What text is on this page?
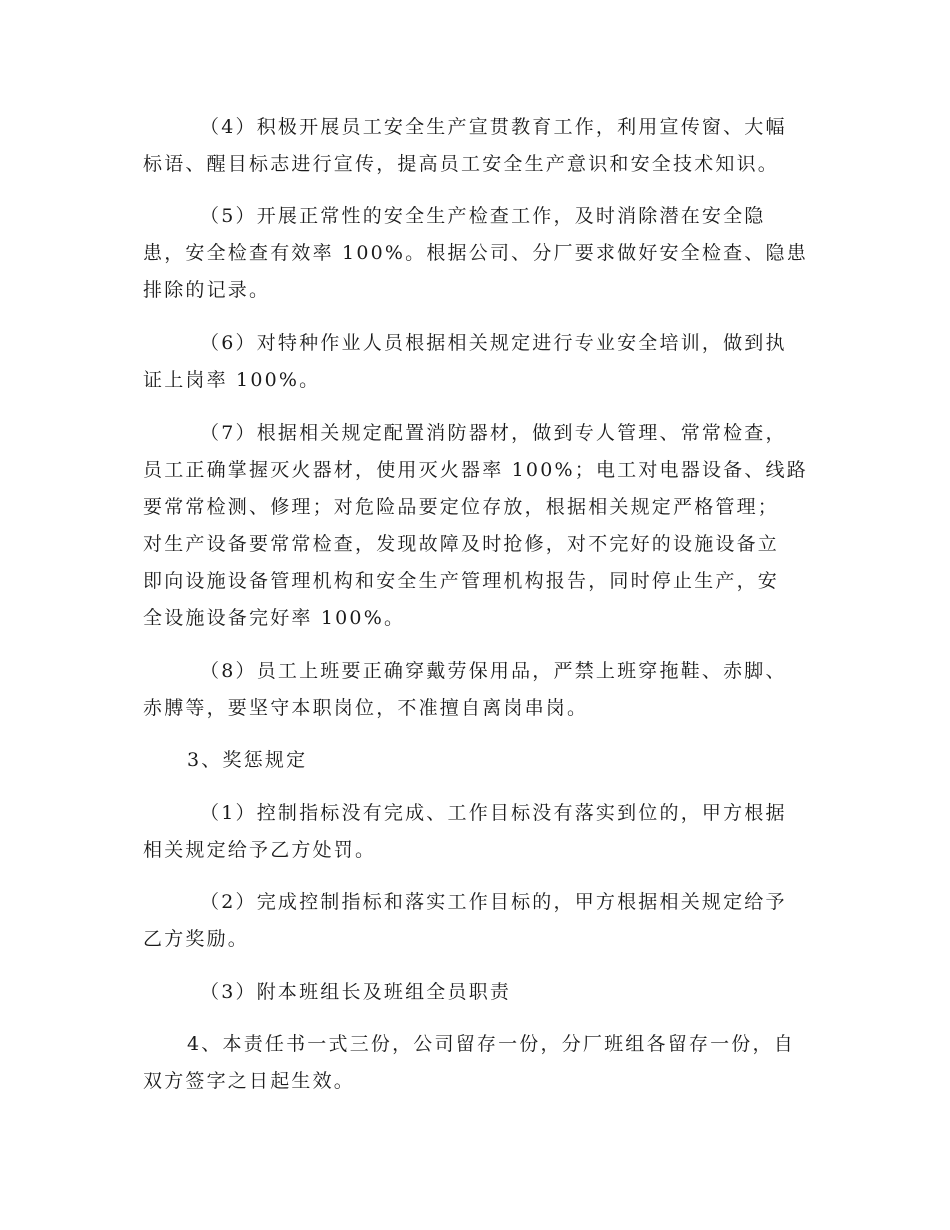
（4）积极开展员工安全生产宣贯教育工作，利用宣传窗、大幅
标语、醒目标志进行宣传，提高员工安全生产意识和安全技术知识。
（5）开展正常性的安全生产检查工作，及时消除潜在安全隐
患，安全检查有效率 100%。根据公司、分厂要求做好安全检查、隐患
排除的记录。
（6）对特种作业人员根据相关规定进行专业安全培训，做到执
证上岗率 100%。
（7）根据相关规定配置消防器材，做到专人管理、常常检查，
员工正确掌握灭火器材，使用灭火器率 100%；电工对电器设备、线路
要常常检测、修理；对危险品要定位存放，根据相关规定严格管理；
对生产设备要常常检查，发现故障及时抢修，对不完好的设施设备立
即向设施设备管理机构和安全生产管理机构报告，同时停止生产，安
全设施设备完好率 100%。
（8）员工上班要正确穿戴劳保用品，严禁上班穿拖鞋、赤脚、
赤膊等，要坚守本职岗位，不准擅自离岗串岗。
3、奖惩规定
（1）控制指标没有完成、工作目标没有落实到位的，甲方根据
相关规定给予乙方处罚。
（2）完成控制指标和落实工作目标的，甲方根据相关规定给予
乙方奖励。
（3）附本班组长及班组全员职责
4、本责任书一式三份，公司留存一份，分厂班组各留存一份，自
双方签字之日起生效。
